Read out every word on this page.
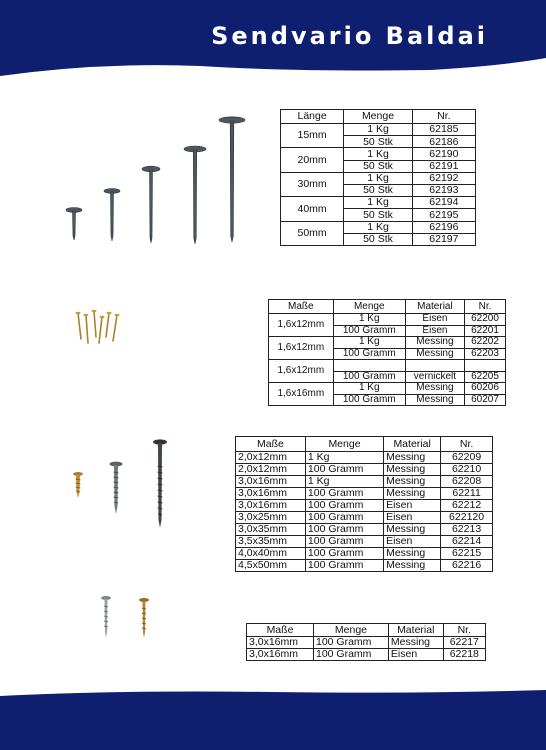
Sendvario Baldai
Länge	Menge	Nr.
15mm	1 Kg	62185
	50 Stk	62186
20mm	1 Kg	62190
	50 Stk	62191
30mm	1 Kg	62192
	50 Stk	62193
40mm	1 Kg	62194
	50 Stk	62195
50mm	1 Kg	62196
	50 Stk	62197
Maße	Menge	Material	Nr.
1,6x12mm	1 Kg	Eisen	62200
	100 Gramm	Eisen	62201
1,6x12mm	1 Kg	Messing	62202
	100 Gramm	Messing	62203
1,6x12mm			
	100 Gramm	vernickelt	62205
1,6x16mm	1 Kg	Messing	60206
	100 Gramm	Messing	60207
Maße	Menge	Material	Nr.
2,0x12mm	1 Kg	Messing	62209
2,0x12mm	100 Gramm	Messing	62210
3,0x16mm	1 Kg	Messing	62208
3,0x16mm	100 Gramm	Messing	62211
3,0x16mm	100 Gramm	Eisen	62212
3,0x25mm	100 Gramm	Eisen	622120
3,0x35mm	100 Gramm	Messing	62213
3,5x35mm	100 Gramm	Eisen	62214
4,0x40mm	100 Gramm	Messing	62215
4,5x50mm	100 Gramm	Messing	62216
Maße	Menge	Material	Nr.
3,0x16mm	100 Gramm	Messing	62217
3,0x16mm	100 Gramm	Eisen	62218
